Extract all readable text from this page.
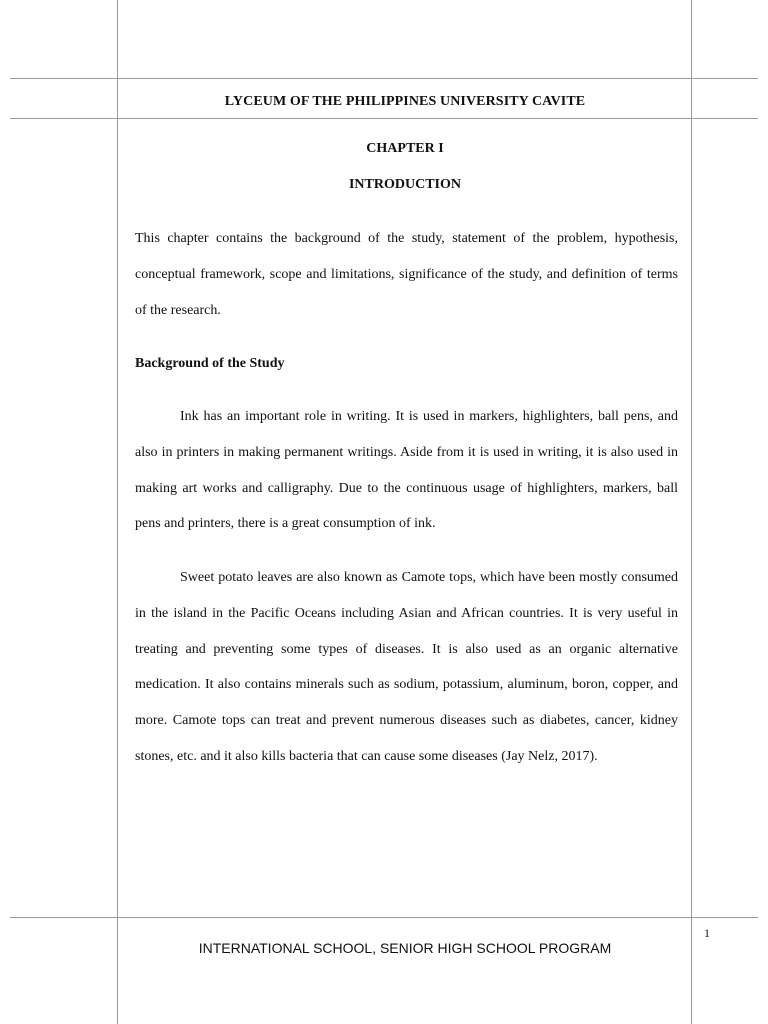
LYCEUM OF THE PHILIPPINES UNIVERSITY CAVITE
CHAPTER I
INTRODUCTION
This chapter contains the background of the study, statement of the problem, hypothesis, conceptual framework, scope and limitations, significance of the study, and definition of terms of the research.
Background of the Study
Ink has an important role in writing. It is used in markers, highlighters, ball pens, and also in printers in making permanent writings. Aside from it is used in writing, it is also used in making art works and calligraphy. Due to the continuous usage of highlighters, markers, ball pens and printers, there is a great consumption of ink.
Sweet potato leaves are also known as Camote tops, which have been mostly consumed in the island in the Pacific Oceans including Asian and African countries. It is very useful in treating and preventing some types of diseases. It is also used as an organic alternative medication. It also contains minerals such as sodium, potassium, aluminum, boron, copper, and more. Camote tops can treat and prevent numerous diseases such as diabetes, cancer, kidney stones, etc. and it also kills bacteria that can cause some diseases (Jay Nelz, 2017).
INTERNATIONAL SCHOOL, SENIOR HIGH SCHOOL PROGRAM
1
